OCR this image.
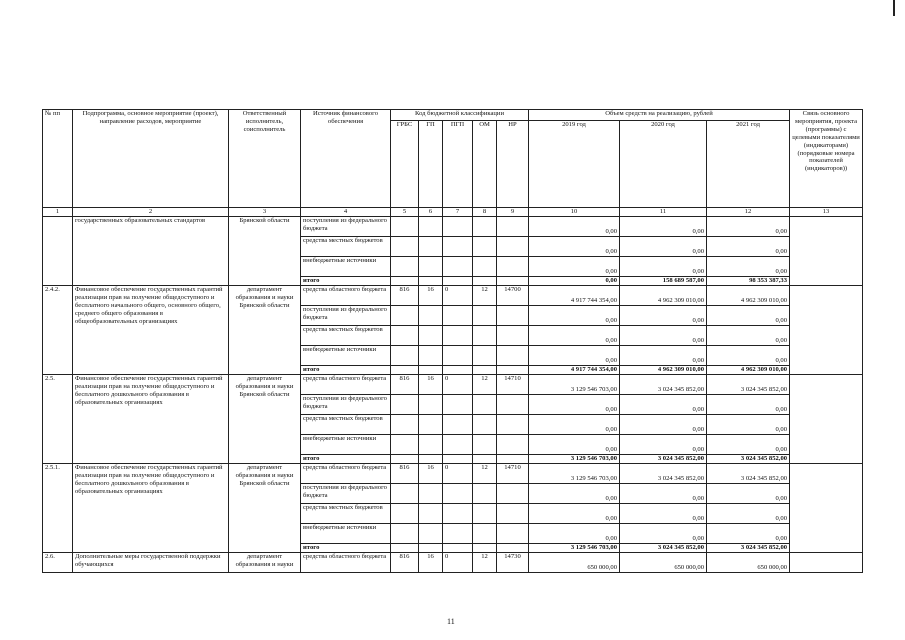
№ пп	Подпрограмма, основное мероприятие (проект), направление расходов, мероприятие	Ответственный исполнитель, соисполнитель	Источник финансового обеспечения	Код бюджетной классификации					Объем средств на реализацию, рублей			Связь основного мероприятия, проекта (программы) с целевыми показателями (индикаторами) (порядковые номера показателей (индикаторов))
				ГРБС	ГП	ПГП	ОМ	НР	2019 год	2020 год	2021 год	
1	2	3	4	5	6	7	8	9	10	11	12	13
	государственных образовательных стандартов	Брянской области	поступления из федерального бюджета						0,00	0,00	0,00	
			средства местных бюджетов						0,00	0,00	0,00	
			внебюджетные источники						0,00	0,00	0,00	
			итого						0,00	158 689 587,00	98 353 387,33	
2.4.2.	Финансовое обеспечение государственных гарантий реализации прав на получение общедоступного и бесплатного начального общего, основного общего, среднего общего образования в общеобразовательных организациях	департамент образования и науки Брянской области	средства областного бюджета	816	16	0	12	14700	4 917 744 354,00	4 962 309 010,00	4 962 309 010,00	
			поступления из федерального бюджета						0,00	0,00	0,00	
			средства местных бюджетов						0,00	0,00	0,00	
			внебюджетные источники						0,00	0,00	0,00	
			итого						4 917 744 354,00	4 962 309 010,00	4 962 309 010,00	
2.5.	Финансовое обеспечение государственных гарантий реализации прав на получение общедоступного и бесплатного дошкольного образования в образовательных организациях	департамент образования и науки Брянской области	средства областного бюджета	816	16	0	12	14710	3 129 546 703,00	3 024 345 852,00	3 024 345 852,00	
			поступления из федерального бюджета						0,00	0,00	0,00	
			средства местных бюджетов						0,00	0,00	0,00	
			внебюджетные источники						0,00	0,00	0,00	
			итого						3 129 546 703,00	3 024 345 852,00	3 024 345 852,00	
2.5.1.	Финансовое обеспечение государственных гарантий реализации прав на получение общедоступного и бесплатного дошкольного образования в образовательных организациях	департамент образования и науки Брянской области	средства областного бюджета	816	16	0	12	14710	3 129 546 703,00	3 024 345 852,00	3 024 345 852,00	
			поступления из федерального бюджета						0,00	0,00	0,00	
			средства местных бюджетов						0,00	0,00	0,00	
			внебюджетные источники						0,00	0,00	0,00	
			итого						3 129 546 703,00	3 024 345 852,00	3 024 345 852,00	
2.6.	Дополнительные меры государственной поддержки обучающихся	департамент образования и науки	средства областного бюджета	816	16	0	12	14730	650 000,00	650 000,00	650 000,00	
11
